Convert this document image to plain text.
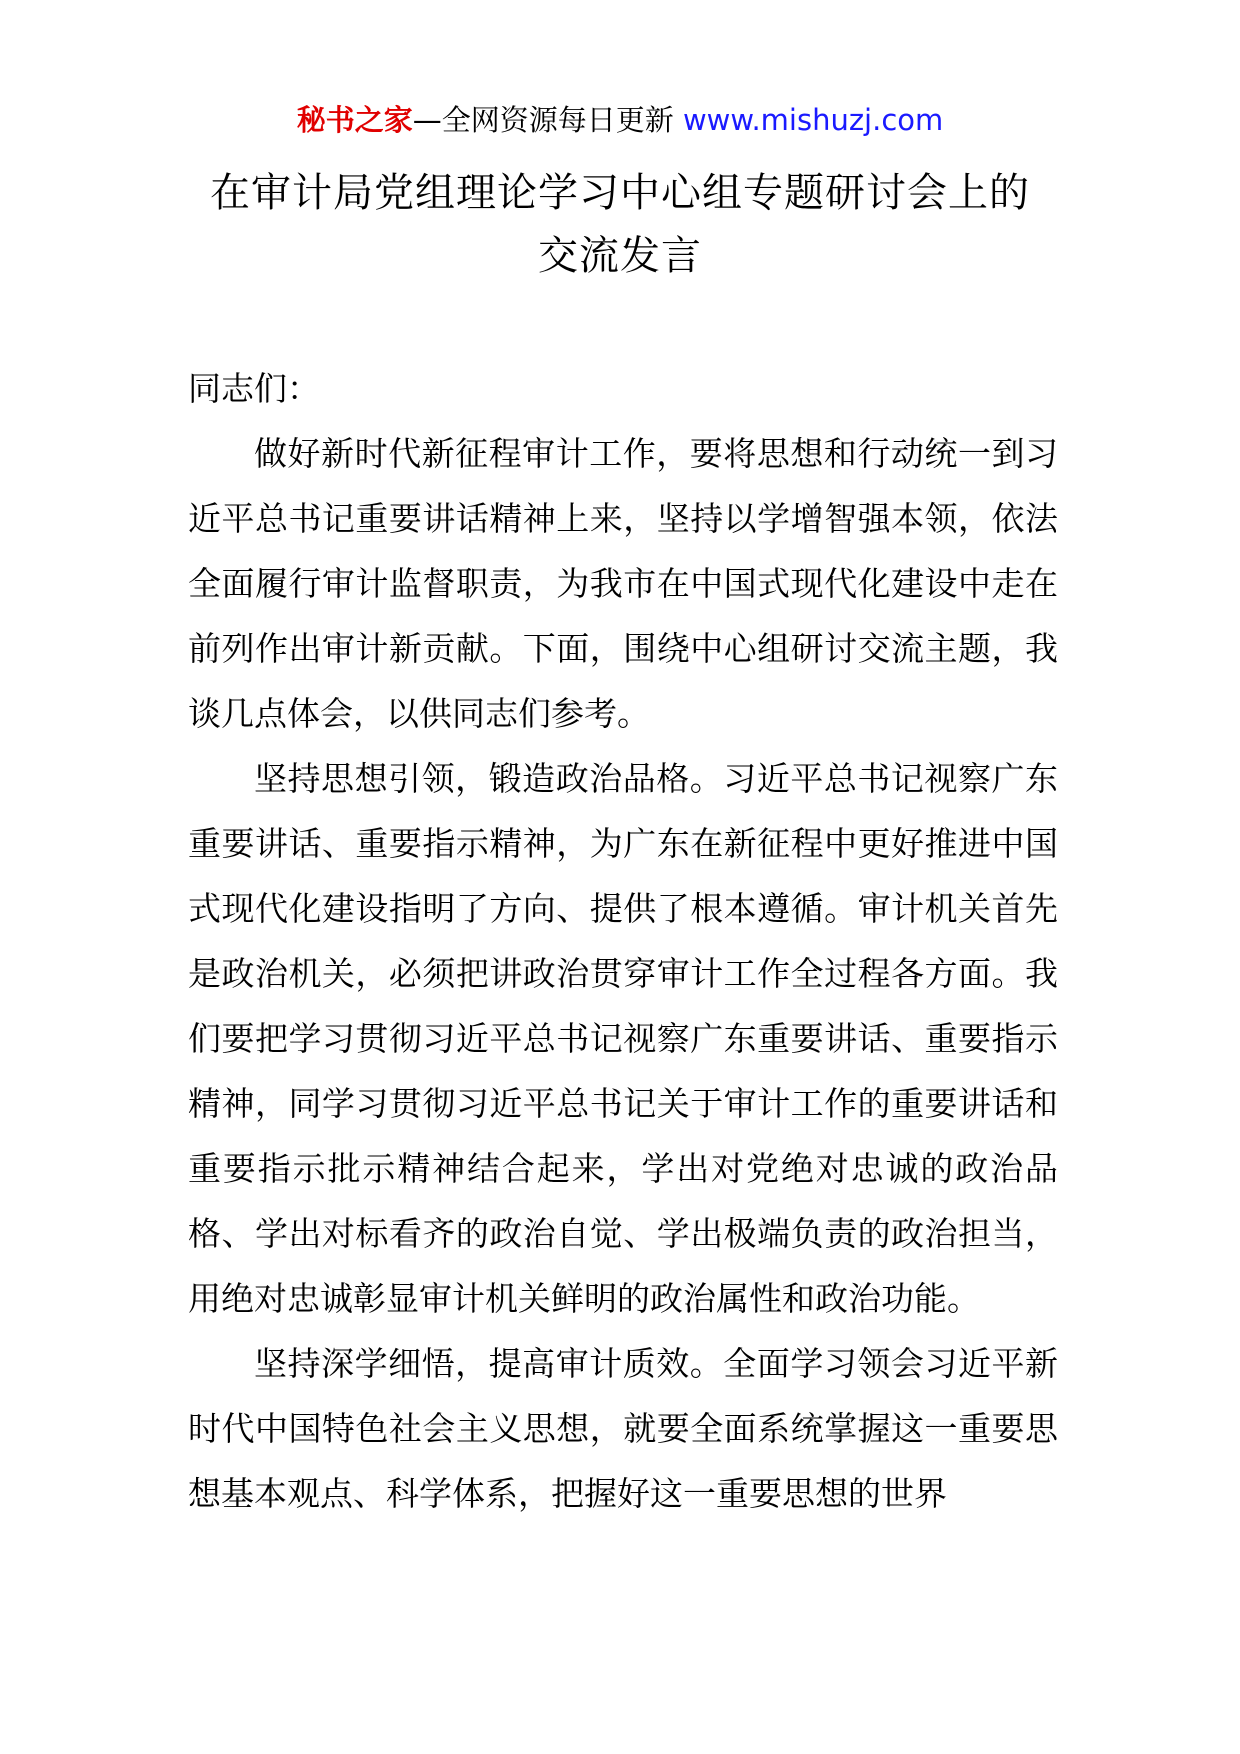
秘书之家—全网资源每日更新 www.mishuzj.com
在审计局党组理论学习中心组专题研讨会上的
交流发言

同志们：

做好新时代新征程审计工作，要将思想和行动统一到习近平总书记重要讲话精神上来，坚持以学增智强本领，依法全面履行审计监督职责，为我市在中国式现代化建设中走在前列作出审计新贡献。下面，围绕中心组研讨交流主题，我谈几点体会，以供同志们参考。

坚持思想引领，锻造政治品格。习近平总书记视察广东重要讲话、重要指示精神，为广东在新征程中更好推进中国式现代化建设指明了方向、提供了根本遵循。审计机关首先是政治机关，必须把讲政治贯穿审计工作全过程各方面。我们要把学习贯彻习近平总书记视察广东重要讲话、重要指示精神，同学习贯彻习近平总书记关于审计工作的重要讲话和重要指示批示精神结合起来，学出对党绝对忠诚的政治品格、学出对标看齐的政治自觉、学出极端负责的政治担当，用绝对忠诚彰显审计机关鲜明的政治属性和政治功能。

坚持深学细悟，提高审计质效。全面学习领会习近平新时代中国特色社会主义思想，就要全面系统掌握这一重要思想基本观点、科学体系，把握好这一重要思想的世界
